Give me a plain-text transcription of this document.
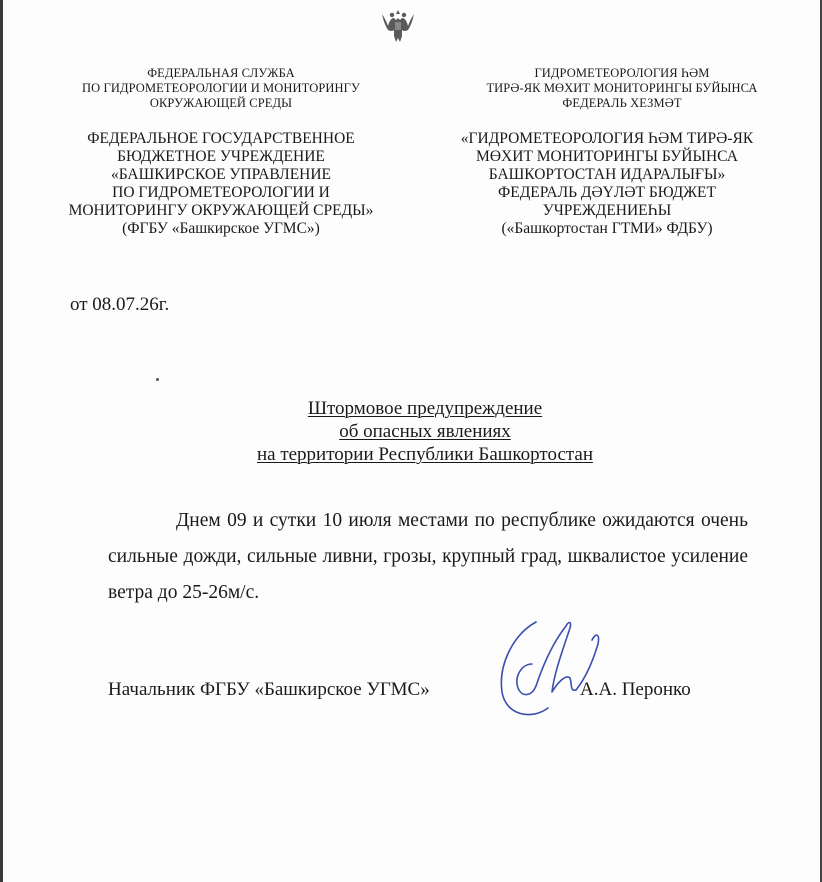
ФЕДЕРАЛЬНАЯ СЛУЖБА
ПО ГИДРОМЕТЕОРОЛОГИИ И МОНИТОРИНГУ
ОКРУЖАЮЩЕЙ СРЕДЫ
ГИДРОМЕТЕОРОЛОГИЯ ҺӘМ
ТИРӘ-ЯК МӨХИТ МОНИТОРИНГЫ БУЙЫНСА
ФЕДЕРАЛЬ ХЕЗМӘТ
ФЕДЕРАЛЬНОЕ ГОСУДАРСТВЕННОЕ
БЮДЖЕТНОЕ УЧРЕЖДЕНИЕ
«БАШКИРСКОЕ УПРАВЛЕНИЕ
ПО ГИДРОМЕТЕОРОЛОГИИ И
МОНИТОРИНГУ ОКРУЖАЮЩЕЙ СРЕДЫ»
(ФГБУ «Башкирское УГМС»)
«ГИДРОМЕТЕОРОЛОГИЯ ҺӘМ ТИРӘ-ЯК
МӨХИТ МОНИТОРИНГЫ БУЙЫНСА
БАШКОРТОСТАН ИДАРАЛЫҒЫ»
ФЕДЕРАЛЬ ДӘҮЛӘТ БЮДЖЕТ
УЧРЕЖДЕНИЕҺЫ
(«Башкортостан ГТМИ» ФДБУ)
от 08.07.26г.
Штормовое предупреждение
об опасных явлениях
на территории Республики Башкортостан

Днем 09 и сутки 10 июля местами по республике ожидаются очень сильные дожди, сильные ливни, грозы, крупный град, шквалистое усиление ветра до 25-26м/с.

Начальник ФГБУ «Башкирское УГМС»	А.А. Перонко
